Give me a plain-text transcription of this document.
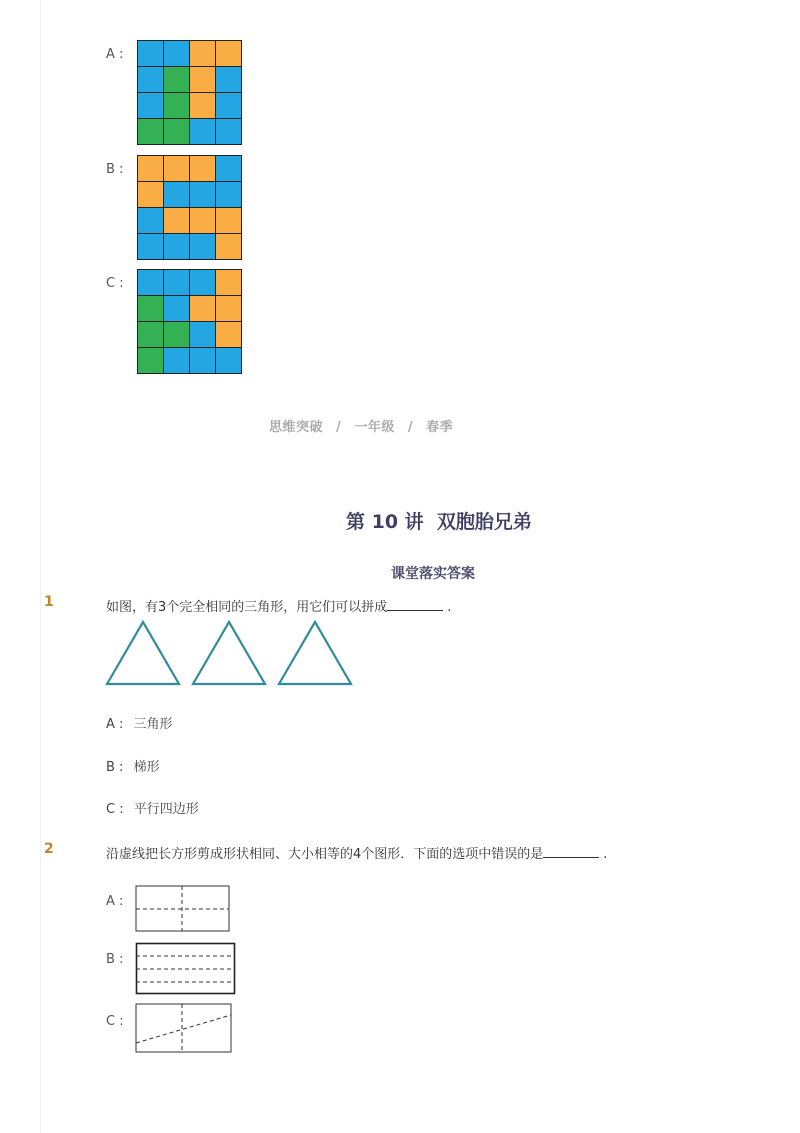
A :
B :
C :
思维突破 / 一年级 / 春季
第 10 讲  双胞胎兄弟
课堂落实答案
1	如图，有3个完全相同的三角形，用它们可以拼成	.
A : 三角形
B : 梯形
C : 平行四边形
2	沿虚线把长方形剪成形状相同、大小相等的4个图形．下面的选项中错误的是	.
A :
B :
C :
